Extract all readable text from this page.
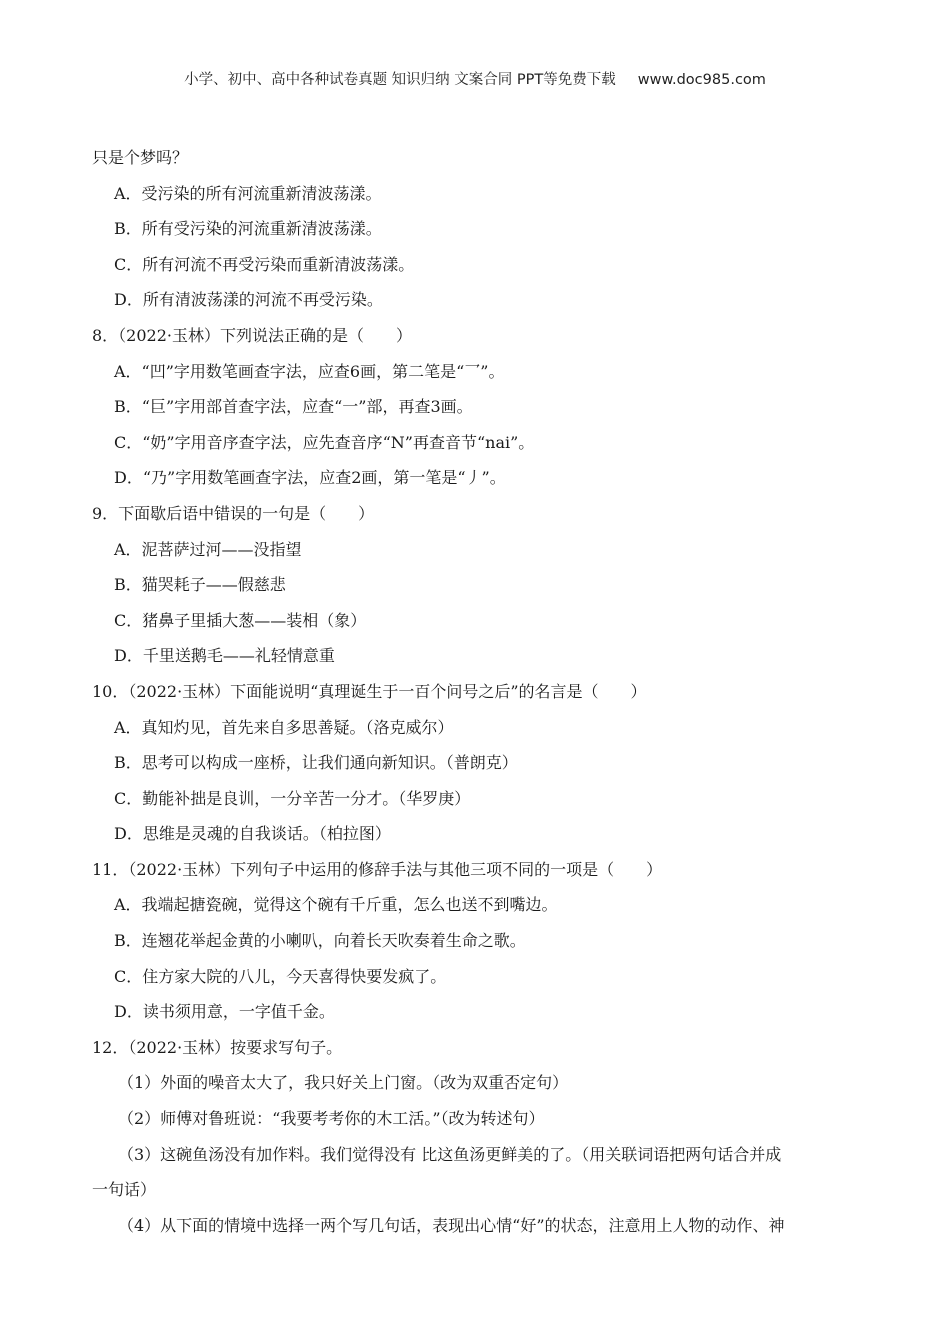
小学、初中、高中各种试卷真题 知识归纳 文案合同 PPT等免费下载 www.doc985.com
只是个梦吗？
A．受污染的所有河流重新清波荡漾。
B．所有受污染的河流重新清波荡漾。
C．所有河流不再受污染而重新清波荡漾。
D．所有清波荡漾的河流不再受污染。
8．（2022·玉林）下列说法正确的是（　　）
A．“凹”字用数笔画查字法，应查6画，第二笔是“乛”。
B．“巨”字用部首查字法，应查“一”部，再查3画。
C．“奶”字用音序查字法，应先查音序“N”再查音节“nai”。
D．“乃”字用数笔画查字法，应查2画，第一笔是“丿”。
9．下面歇后语中错误的一句是（　　）
A．泥菩萨过河——没指望
B．猫哭耗子——假慈悲
C．猪鼻子里插大葱——装相（象）
D．千里送鹅毛——礼轻情意重
10．（2022·玉林）下面能说明“真理诞生于一百个问号之后”的名言是（　　）
A．真知灼见，首先来自多思善疑。（洛克威尔）
B．思考可以构成一座桥，让我们通向新知识。（普朗克）
C．勤能补拙是良训，一分辛苦一分才。（华罗庚）
D．思维是灵魂的自我谈话。（柏拉图）
11．（2022·玉林）下列句子中运用的修辞手法与其他三项不同的一项是（　　）
A．我端起搪瓷碗，觉得这个碗有千斤重，怎么也送不到嘴边。
B．连翘花举起金黄的小喇叭，向着长天吹奏着生命之歌。
C．住方家大院的八儿，今天喜得快要发疯了。
D．读书须用意，一字值千金。
12．（2022·玉林）按要求写句子。
（1）外面的噪音太大了，我只好关上门窗。（改为双重否定句）
（2）师傅对鲁班说：“我要考考你的木工活。”（改为转述句）
（3）这碗鱼汤没有加作料。我们觉得没有 比这鱼汤更鲜美的了。（用关联词语把两句话合并成
一句话）
（4）从下面的情境中选择一两个写几句话，表现出心情“好”的状态，注意用上人物的动作、神
